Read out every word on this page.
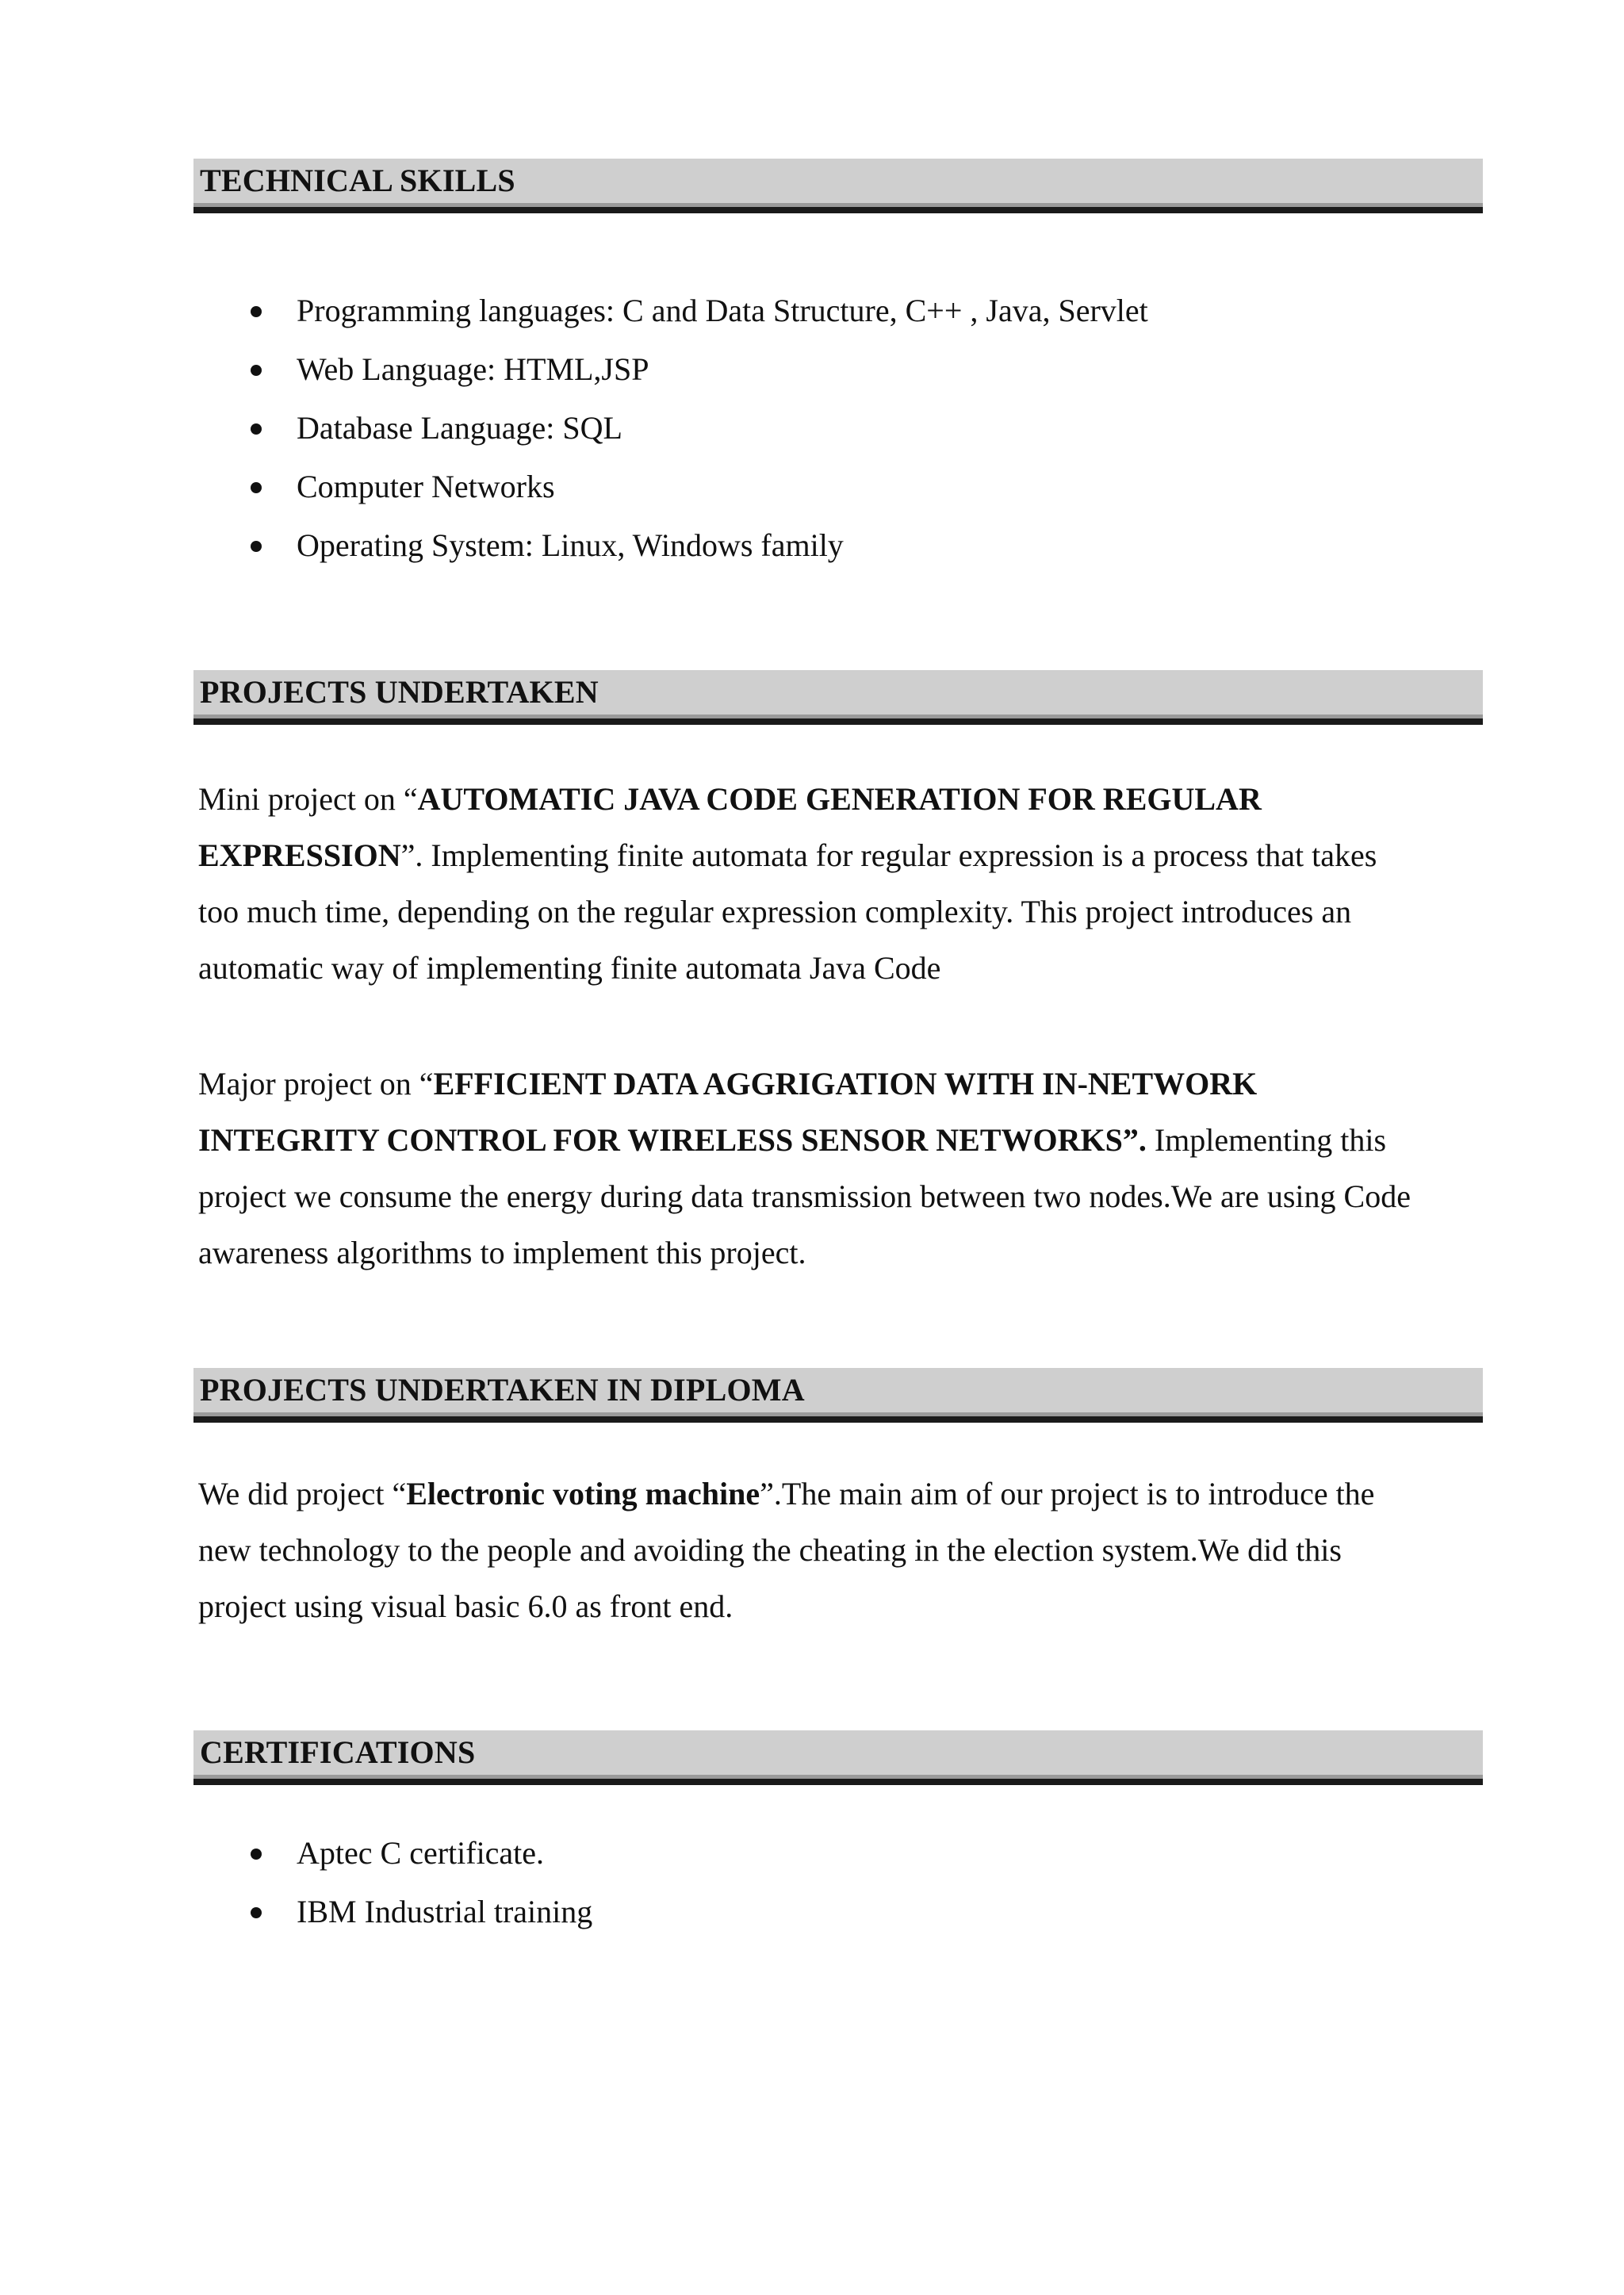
TECHNICAL SKILLS
Programming languages: C and Data Structure, C++ , Java, Servlet
Web Language: HTML,JSP
Database Language: SQL
Computer Networks
Operating System: Linux, Windows family
PROJECTS UNDERTAKEN
Mini project on “AUTOMATIC JAVA CODE GENERATION FOR REGULAR
EXPRESSION”. Implementing finite automata for regular expression is a process that takes
too much time, depending on the regular expression complexity. This project introduces an
automatic way of implementing finite automata Java Code
Major project on “EFFICIENT DATA AGGRIGATION WITH IN-NETWORK
INTEGRITY CONTROL FOR WIRELESS SENSOR NETWORKS”. Implementing this
project we consume the energy during data transmission between two nodes.We are using Code
awareness algorithms to implement this project.
PROJECTS UNDERTAKEN IN DIPLOMA
We did project “Electronic voting machine”.The main aim of our project is to introduce the
new technology to the people and avoiding the cheating in the election system.We did this
project using visual basic 6.0 as front end.
CERTIFICATIONS
Aptec C certificate.
IBM Industrial training
